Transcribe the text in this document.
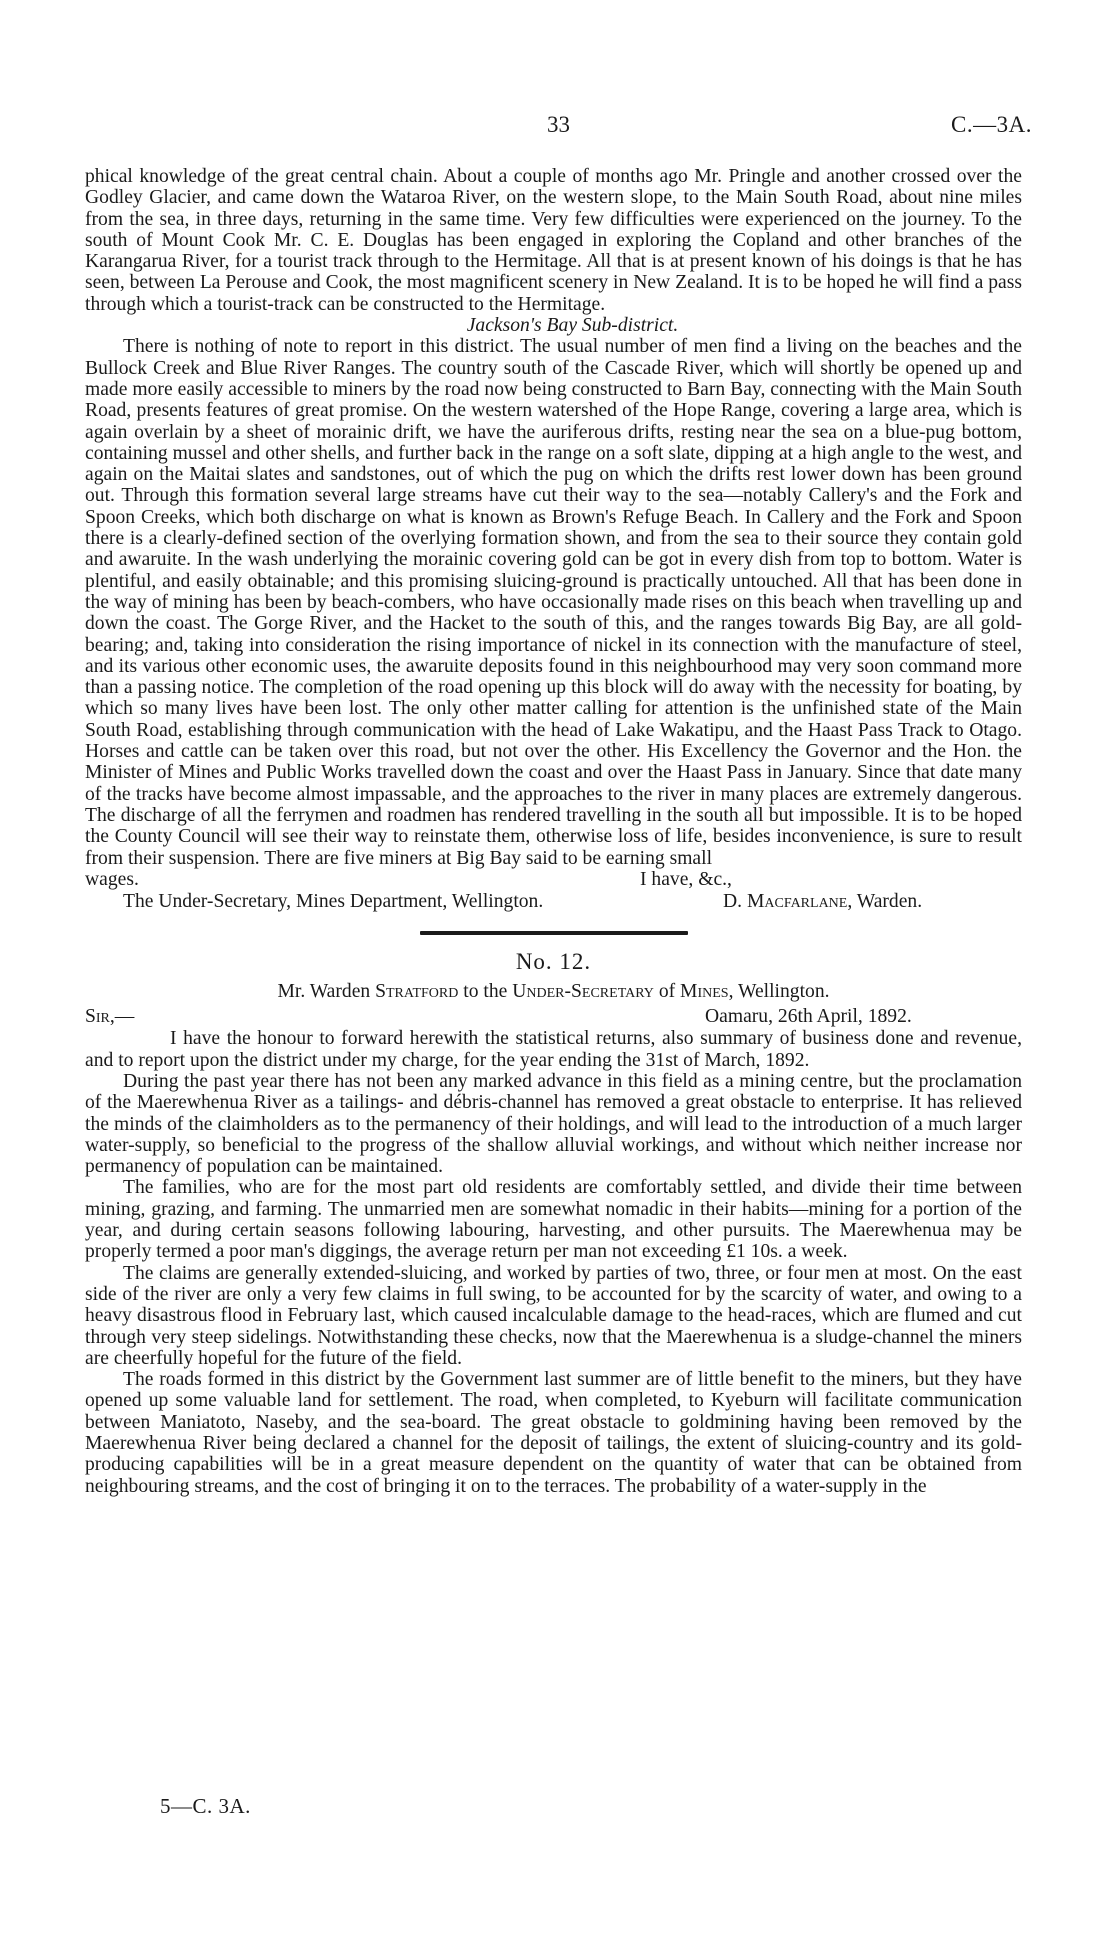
33	C.—3A.

phical knowledge of the great central chain. About a couple of months ago Mr. Pringle and another crossed over the Godley Glacier, and came down the Wataroa River, on the western slope, to the Main South Road, about nine miles from the sea, in three days, returning in the same time. Very few difficulties were experienced on the journey. To the south of Mount Cook Mr. C. E. Douglas has been engaged in exploring the Copland and other branches of the Karangarua River, for a tourist track through to the Hermitage. All that is at present known of his doings is that he has seen, between La Perouse and Cook, the most magnificent scenery in New Zealand. It is to be hoped he will find a pass through which a tourist-track can be constructed to the Hermitage.

Jackson's Bay Sub-district.

There is nothing of note to report in this district. The usual number of men find a living on the beaches and the Bullock Creek and Blue River Ranges. The country south of the Cascade River, which will shortly be opened up and made more easily accessible to miners by the road now being constructed to Barn Bay, connecting with the Main South Road, presents features of great promise. On the western watershed of the Hope Range, covering a large area, which is again overlain by a sheet of morainic drift, we have the auriferous drifts, resting near the sea on a blue-pug bottom, containing mussel and other shells, and further back in the range on a soft slate, dipping at a high angle to the west, and again on the Maitai slates and sandstones, out of which the pug on which the drifts rest lower down has been ground out. Through this formation several large streams have cut their way to the sea—notably Callery's and the Fork and Spoon Creeks, which both discharge on what is known as Brown's Refuge Beach. In Callery and the Fork and Spoon there is a clearly-defined section of the overlying formation shown, and from the sea to their source they contain gold and awaruite. In the wash underlying the morainic covering gold can be got in every dish from top to bottom. Water is plentiful, and easily obtainable; and this promising sluicing-ground is practically untouched. All that has been done in the way of mining has been by beach-combers, who have occasionally made rises on this beach when travelling up and down the coast. The Gorge River, and the Hacket to the south of this, and the ranges towards Big Bay, are all gold-bearing; and, taking into consideration the rising importance of nickel in its connection with the manufacture of steel, and its various other economic uses, the awaruite deposits found in this neighbourhood may very soon command more than a passing notice. The completion of the road opening up this block will do away with the necessity for boating, by which so many lives have been lost. The only other matter calling for attention is the unfinished state of the Main South Road, establishing through communication with the head of Lake Wakatipu, and the Haast Pass Track to Otago. Horses and cattle can be taken over this road, but not over the other. His Excellency the Governor and the Hon. the Minister of Mines and Public Works travelled down the coast and over the Haast Pass in January. Since that date many of the tracks have become almost impassable, and the approaches to the river in many places are extremely dangerous. The discharge of all the ferrymen and roadmen has rendered travelling in the south all but impossible. It is to be hoped the County Council will see their way to reinstate them, otherwise loss of life, besides inconvenience, is sure to result from their suspension. There are five miners at Big Bay said to be earning small

wages.	I have, &c.,
The Under-Secretary, Mines Department, Wellington.	D. Macfarlane, Warden.
No. 12.
Mr. Warden Stratford to the Under-Secretary of Mines, Wellington.
Sir,—	Oamaru, 26th April, 1892.

I have the honour to forward herewith the statistical returns, also summary of business done and revenue, and to report upon the district under my charge, for the year ending the 31st of March, 1892.

During the past year there has not been any marked advance in this field as a mining centre, but the proclamation of the Maerewhenua River as a tailings- and débris-channel has removed a great obstacle to enterprise. It has relieved the minds of the claimholders as to the permanency of their holdings, and will lead to the introduction of a much larger water-supply, so beneficial to the progress of the shallow alluvial workings, and without which neither increase nor permanency of population can be maintained.

The families, who are for the most part old residents are comfortably settled, and divide their time between mining, grazing, and farming. The unmarried men are somewhat nomadic in their habits—mining for a portion of the year, and during certain seasons following labouring, harvesting, and other pursuits. The Maerewhenua may be properly termed a poor man's diggings, the average return per man not exceeding £1 10s. a week.

The claims are generally extended-sluicing, and worked by parties of two, three, or four men at most. On the east side of the river are only a very few claims in full swing, to be accounted for by the scarcity of water, and owing to a heavy disastrous flood in February last, which caused incalculable damage to the head-races, which are flumed and cut through very steep sidelings. Notwithstanding these checks, now that the Maerewhenua is a sludge-channel the miners are cheerfully hopeful for the future of the field.

The roads formed in this district by the Government last summer are of little benefit to the miners, but they have opened up some valuable land for settlement. The road, when completed, to Kyeburn will facilitate communication between Maniatoto, Naseby, and the sea-board. The great obstacle to goldmining having been removed by the Maerewhenua River being declared a channel for the deposit of tailings, the extent of sluicing-country and its gold-producing capabilities will be in a great measure dependent on the quantity of water that can be obtained from neighbouring streams, and the cost of bringing it on to the terraces. The probability of a water-supply in the

5—C. 3A.
